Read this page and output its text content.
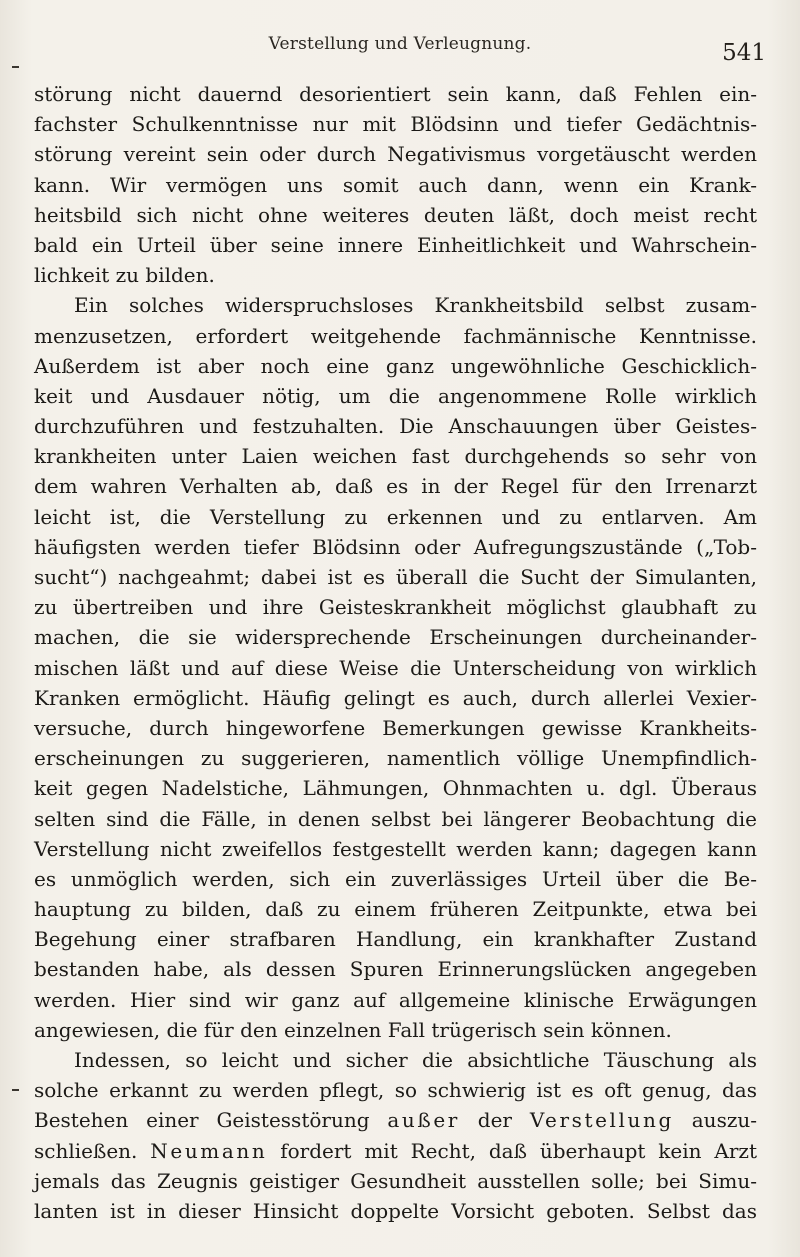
Verstellung und Verleugnung.	541
störung nicht dauernd desorientiert sein kann, daß Fehlen ein-
fachster Schulkenntnisse nur mit Blödsinn und tiefer Gedächtnis-
störung vereint sein oder durch Negativismus vorgetäuscht werden
kann. Wir vermögen uns somit auch dann, wenn ein Krank-
heitsbild sich nicht ohne weiteres deuten läßt, doch meist recht
bald ein Urteil über seine innere Einheitlichkeit und Wahrschein-
lichkeit zu bilden.
Ein solches widerspruchsloses Krankheitsbild selbst zusam-
menzusetzen, erfordert weitgehende fachmännische Kenntnisse.
Außerdem ist aber noch eine ganz ungewöhnliche Geschicklich-
keit und Ausdauer nötig, um die angenommene Rolle wirklich
durchzuführen und festzuhalten. Die Anschauungen über Geistes-
krankheiten unter Laien weichen fast durchgehends so sehr von
dem wahren Verhalten ab, daß es in der Regel für den Irrenarzt
leicht ist, die Verstellung zu erkennen und zu entlarven. Am
häufigsten werden tiefer Blödsinn oder Aufregungszustände („Tob-
sucht“) nachgeahmt; dabei ist es überall die Sucht der Simulanten,
zu übertreiben und ihre Geisteskrankheit möglichst glaubhaft zu
machen, die sie widersprechende Erscheinungen durcheinander-
mischen läßt und auf diese Weise die Unterscheidung von wirklich
Kranken ermöglicht. Häufig gelingt es auch, durch allerlei Vexier-
versuche, durch hingeworfene Bemerkungen gewisse Krankheits-
erscheinungen zu suggerieren, namentlich völlige Unempfindlich-
keit gegen Nadelstiche, Lähmungen, Ohnmachten u. dgl. Überaus
selten sind die Fälle, in denen selbst bei längerer Beobachtung die
Verstellung nicht zweifellos festgestellt werden kann; dagegen kann
es unmöglich werden, sich ein zuverlässiges Urteil über die Be-
hauptung zu bilden, daß zu einem früheren Zeitpunkte, etwa bei
Begehung einer strafbaren Handlung, ein krankhafter Zustand
bestanden habe, als dessen Spuren Erinnerungslücken angegeben
werden. Hier sind wir ganz auf allgemeine klinische Erwägungen
angewiesen, die für den einzelnen Fall trügerisch sein können.
Indessen, so leicht und sicher die absichtliche Täuschung als
solche erkannt zu werden pflegt, so schwierig ist es oft genug, das
Bestehen einer Geistesstörung außer der Verstellung auszu-
schließen. Neumann fordert mit Recht, daß überhaupt kein Arzt
jemals das Zeugnis geistiger Gesundheit ausstellen solle; bei Simu-
lanten ist in dieser Hinsicht doppelte Vorsicht geboten. Selbst das
